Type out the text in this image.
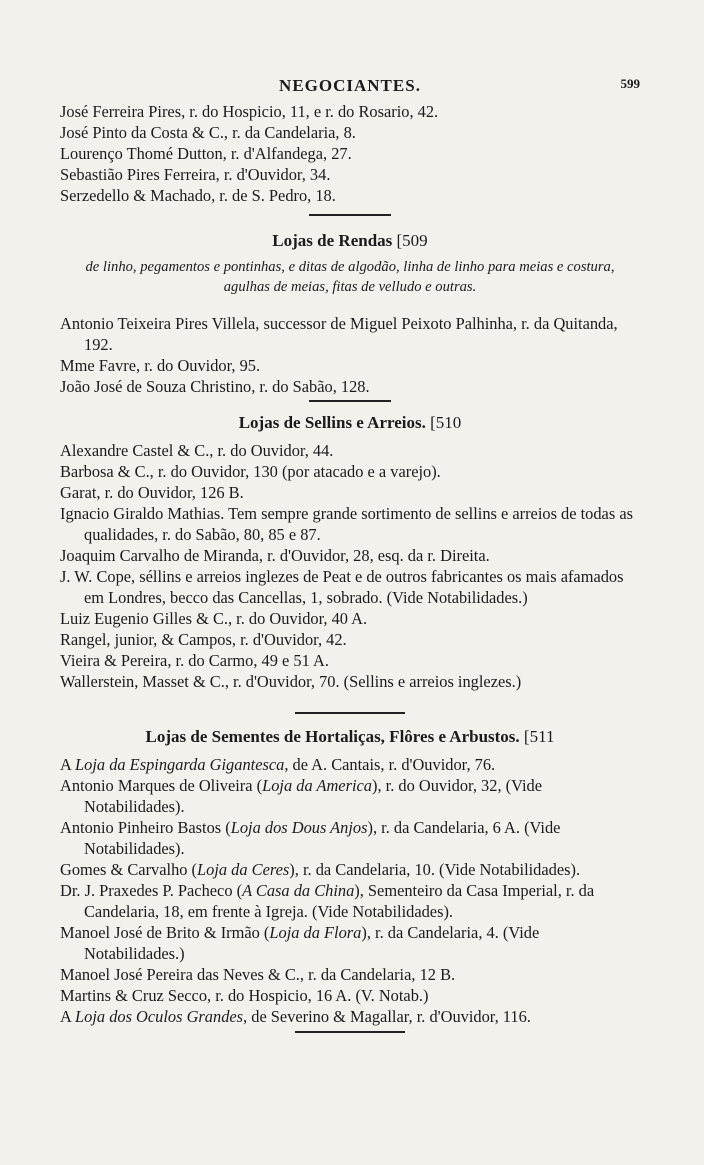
NEGOCIANTES.	599

José Ferreira Pires, r. do Hospicio, 11, e r. do Rosario, 42.

José Pinto da Costa & C., r. da Candelaria, 8.

Lourenço Thomé Dutton, r. d'Alfandega, 27.

Sebastião Pires Ferreira, r. d'Ouvidor, 34.

Serzedello & Machado, r. de S. Pedro, 18.

Lojas de Rendas [509

de linho, pegamentos e pontinhas, e ditas de algodão, linha de linho para meias e costura, agulhas de meias, fitas de velludo e outras.

Antonio Teixeira Pires Villela, successor de Miguel Peixoto Palhinha, r. da Quitanda, 192.

Mme Favre, r. do Ouvidor, 95.

João José de Souza Christino, r. do Sabão, 128.

Lojas de Sellins e Arreios. [510

Alexandre Castel & C., r. do Ouvidor, 44.

Barbosa & C., r. do Ouvidor, 130 (por atacado e a varejo).

Garat, r. do Ouvidor, 126 B.

Ignacio Giraldo Mathias. Tem sempre grande sortimento de sellins e arreios de todas as qualidades, r. do Sabão, 80, 85 e 87.

Joaquim Carvalho de Miranda, r. d'Ouvidor, 28, esq. da r. Direita.

J. W. Cope, séllins e arreios inglezes de Peat e de outros fabricantes os mais afamados em Londres, becco das Cancellas, 1, sobrado. (Vide Notabilidades.)

Luiz Eugenio Gilles & C., r. do Ouvidor, 40 A.

Rangel, junior, & Campos, r. d'Ouvidor, 42.

Vieira & Pereira, r. do Carmo, 49 e 51 A.

Wallerstein, Masset & C., r. d'Ouvidor, 70. (Sellins e arreios inglezes.)

Lojas de Sementes de Hortaliças, Flôres e Arbustos. [511

A Loja da Espingarda Gigantesca, de A. Cantais, r. d'Ouvidor, 76.

Antonio Marques de Oliveira (Loja da America), r. do Ouvidor, 32, (Vide Notabilidades).

Antonio Pinheiro Bastos (Loja dos Dous Anjos), r. da Candelaria, 6 A. (Vide Notabilidades).

Gomes & Carvalho (Loja da Ceres), r. da Candelaria, 10. (Vide Notabilidades).

Dr. J. Praxedes P. Pacheco (A Casa da China), Sementeiro da Casa Imperial, r. da Candelaria, 18, em frente à Igreja. (Vide Notabilidades).

Manoel José de Brito & Irmão (Loja da Flora), r. da Candelaria, 4. (Vide Notabilidades.)

Manoel José Pereira das Neves & C., r. da Candelaria, 12 B.

Martins & Cruz Secco, r. do Hospicio, 16 A. (V. Notab.)

A Loja dos Oculos Grandes, de Severino & Magallar, r. d'Ouvidor, 116.
